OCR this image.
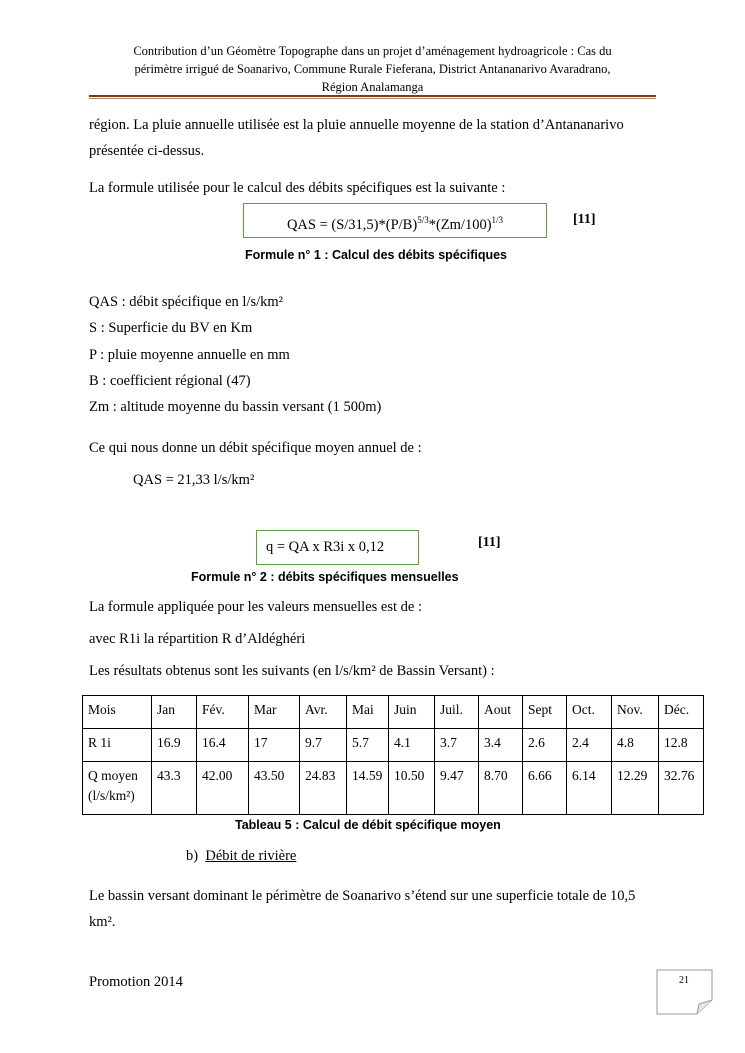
Contribution d’un Géomètre Topographe dans un projet d’aménagement hydroagricole : Cas du
périmètre irrigué de Soanarivo, Commune Rurale Fieferana, District Antananarivo Avaradrano,
Région Analamanga
région. La pluie annuelle utilisée est la pluie annuelle moyenne de la station d’Antananarivo
présentée ci-dessus.
La formule utilisée pour le calcul des débits spécifiques est la suivante :
QAS = $(S/31,5)*(P/B)^{5/3}*(Zm/100)^{1/3}$	[11]
Formule n° 1 : Calcul des débits spécifiques
QAS : débit spécifique en l/s/km²
S : Superficie du BV en Km
P : pluie moyenne annuelle en mm
B : coefficient régional (47)
Zm : altitude moyenne du bassin versant (1 500m)
Ce qui nous donne un débit spécifique moyen annuel de :
QAS = 21,33 l/s/km²
q = QA x R3i x 0,12	[11]
Formule n° 2 : débits spécifiques mensuelles
La formule appliquée pour les valeurs mensuelles est de :
avec R1i la répartition R d’Aldéghéri
Les résultats obtenus sont les suivants (en l/s/km² de Bassin Versant) :
Mois	Jan	Fév.	Mar	Avr.	Mai	Juin	Juil.	Aout	Sept	Oct.	Nov.	Déc.
R 1i	16.9	16.4	17	9.7	5.7	4.1	3.7	3.4	2.6	2.4	4.8	12.8
Q moyen (l/s/km²)	43.3	42.00	43.50	24.83	14.59	10.50	9.47	8.70	6.66	6.14	12.29	32.76
Tableau 5 : Calcul de débit spécifique moyen
b) Débit de rivière
Le bassin versant dominant le périmètre de Soanarivo s’étend sur une superficie totale de 10,5
km².
Promotion 2014	21
